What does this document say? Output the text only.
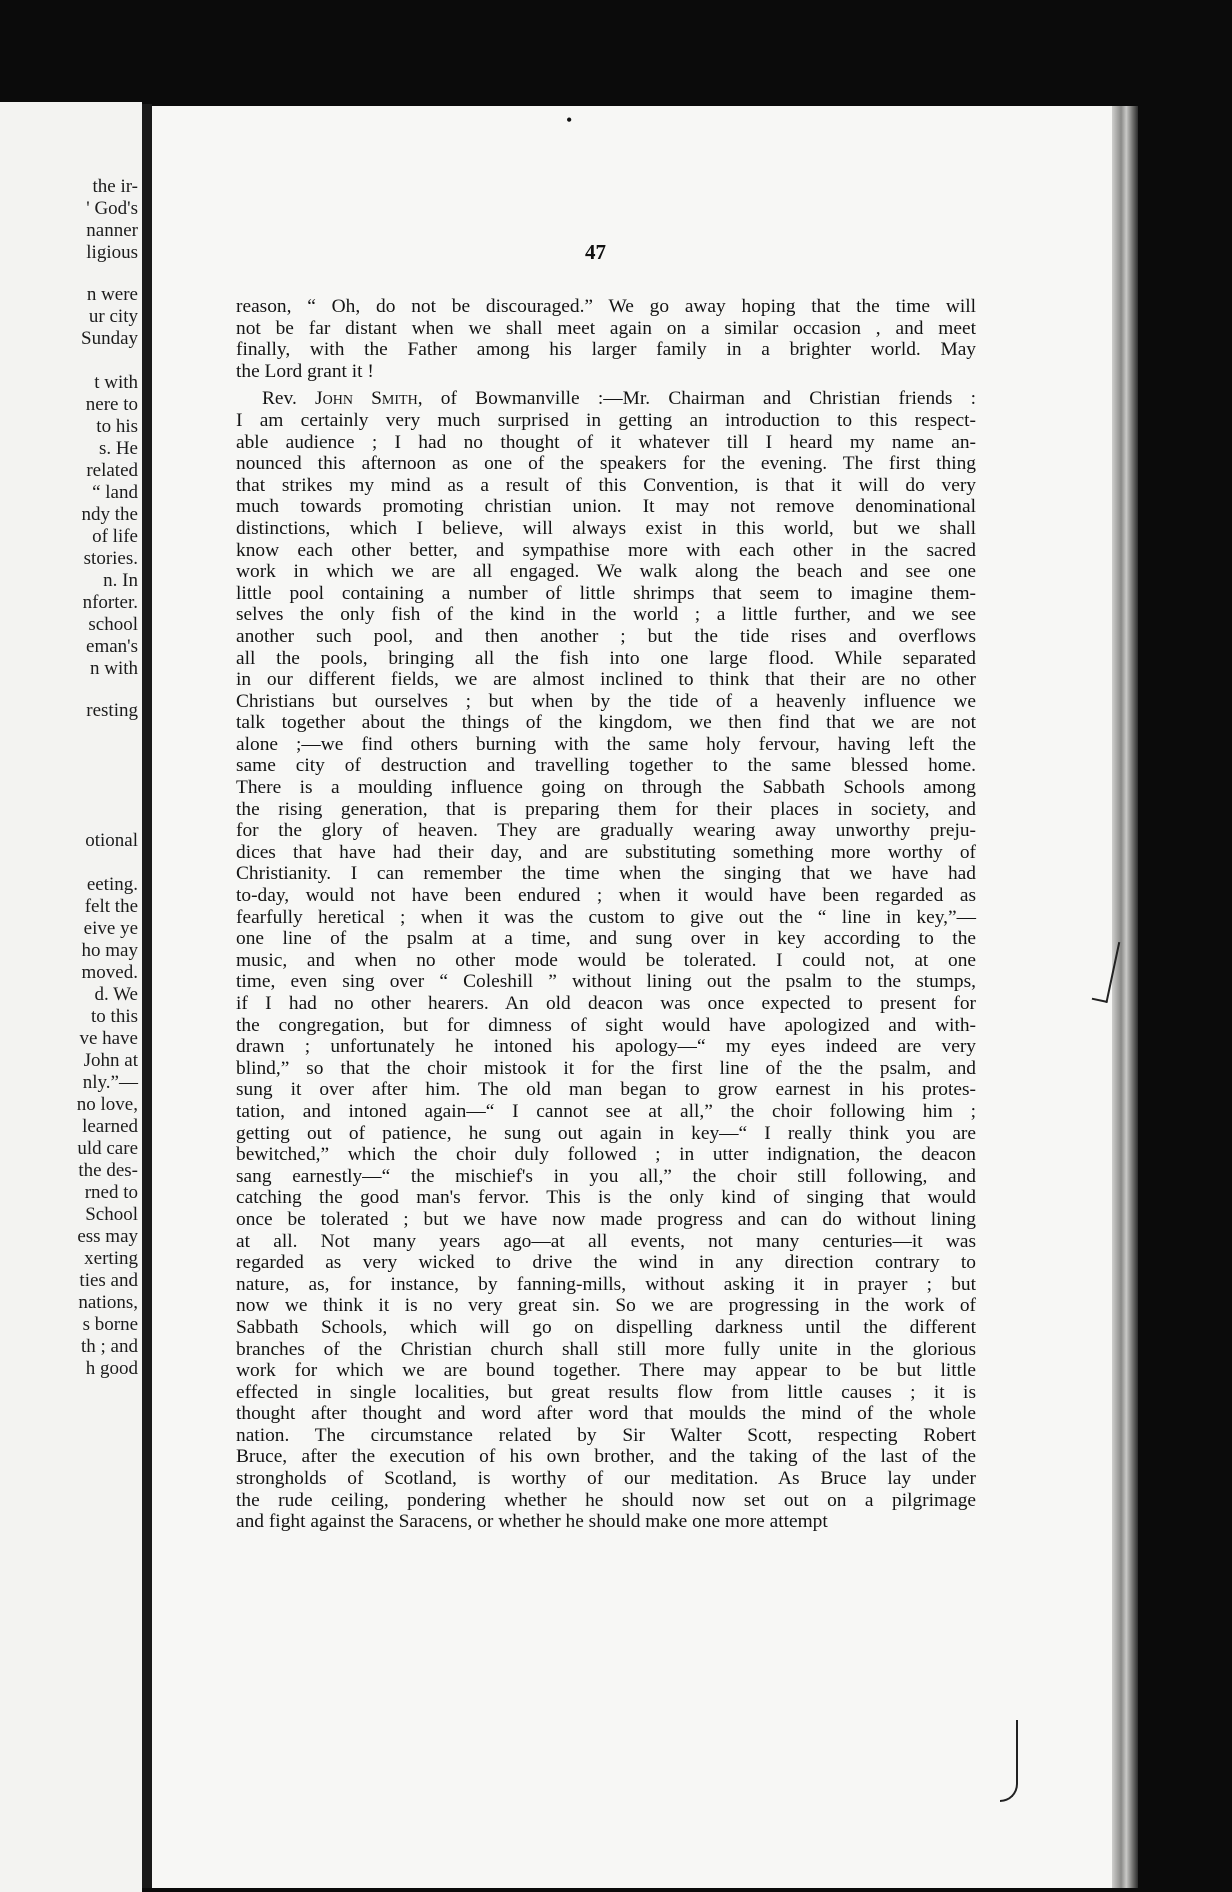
the ir-
' God's
nanner
ligious
n were
ur city
Sunday
t with
nere to
to his
s. He
related
“ land
ndy the
of life
stories.
n. In
nforter.
school
eman's
n with
resting
otional
eeting.
felt the
eive ye
ho may
moved.
d. We
to this
ve have
John at
nly.”—
no love,
learned
uld care
the des-
rned to
School
ess may
xerting
ties and
nations,
s borne
th ; and
h good
•
47
reason, “ Oh, do not be discouraged.” We go away hoping that the time will
not be far distant when we shall meet again on a similar occasion , and meet
finally, with the Father among his larger family in a brighter world. May
the Lord grant it !
Rev. John Smith, of Bowmanville :—Mr. Chairman and Christian friends :
I am certainly very much surprised in getting an introduction to this respect-
able audience ; I had no thought of it whatever till I heard my name an-
nounced this afternoon as one of the speakers for the evening. The first thing
that strikes my mind as a result of this Convention, is that it will do very
much towards promoting christian union. It may not remove denominational
distinctions, which I believe, will always exist in this world, but we shall
know each other better, and sympathise more with each other in the sacred
work in which we are all engaged. We walk along the beach and see one
little pool containing a number of little shrimps that seem to imagine them-
selves the only fish of the kind in the world ; a little further, and we see
another such pool, and then another ; but the tide rises and overflows
all the pools, bringing all the fish into one large flood. While separated
in our different fields, we are almost inclined to think that their are no other
Christians but ourselves ; but when by the tide of a heavenly influence we
talk together about the things of the kingdom, we then find that we are not
alone ;—we find others burning with the same holy fervour, having left the
same city of destruction and travelling together to the same blessed home.
There is a moulding influence going on through the Sabbath Schools among
the rising generation, that is preparing them for their places in society, and
for the glory of heaven. They are gradually wearing away unworthy preju-
dices that have had their day, and are substituting something more worthy of
Christianity. I can remember the time when the singing that we have had
to-day, would not have been endured ; when it would have been regarded as
fearfully heretical ; when it was the custom to give out the “ line in key,”—
one line of the psalm at a time, and sung over in key according to the
music, and when no other mode would be tolerated. I could not, at one
time, even sing over “ Coleshill ” without lining out the psalm to the stumps,
if I had no other hearers. An old deacon was once expected to present for
the congregation, but for dimness of sight would have apologized and with-
drawn ; unfortunately he intoned his apology—“ my eyes indeed are very
blind,” so that the choir mistook it for the first line of the the psalm, and
sung it over after him. The old man began to grow earnest in his protes-
tation, and intoned again—“ I cannot see at all,” the choir following him ;
getting out of patience, he sung out again in key—“ I really think you are
bewitched,” which the choir duly followed ; in utter indignation, the deacon
sang earnestly—“ the mischief's in you all,” the choir still following, and
catching the good man's fervor. This is the only kind of singing that would
once be tolerated ; but we have now made progress and can do without lining
at all. Not many years ago—at all events, not many centuries—it was
regarded as very wicked to drive the wind in any direction contrary to
nature, as, for instance, by fanning-mills, without asking it in prayer ; but
now we think it is no very great sin. So we are progressing in the work of
Sabbath Schools, which will go on dispelling darkness until the different
branches of the Christian church shall still more fully unite in the glorious
work for which we are bound together. There may appear to be but little
effected in single localities, but great results flow from little causes ; it is
thought after thought and word after word that moulds the mind of the whole
nation. The circumstance related by Sir Walter Scott, respecting Robert
Bruce, after the execution of his own brother, and the taking of the last of the
strongholds of Scotland, is worthy of our meditation. As Bruce lay under
the rude ceiling, pondering whether he should now set out on a pilgrimage
and fight against the Saracens, or whether he should make one more attempt
